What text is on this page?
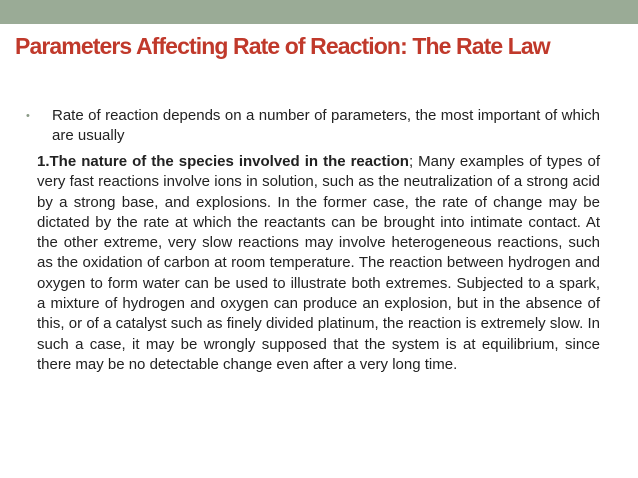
Parameters Affecting Rate of Reaction: The Rate Law
•	Rate of reaction depends on a number of parameters, the most important of which are usually

1.The nature of the species involved in the reaction; Many examples of types of very fast reactions involve ions in solution, such as the neutralization of a strong acid by a strong base, and explosions. In the former case, the rate of change may be dictated by the rate at which the reactants can be brought into intimate contact. At the other extreme, very slow reactions may involve heterogeneous reactions, such as the oxidation of carbon at room temperature. The reaction between hydrogen and oxygen to form water can be used to illustrate both extremes. Subjected to a spark, a mixture of hydrogen and oxygen can produce an explosion, but in the absence of this, or of a catalyst such as finely divided platinum, the reaction is extremely slow. In such a case, it may be wrongly supposed that the system is at equilibrium, since there may be no detectable change even after a very long time.
